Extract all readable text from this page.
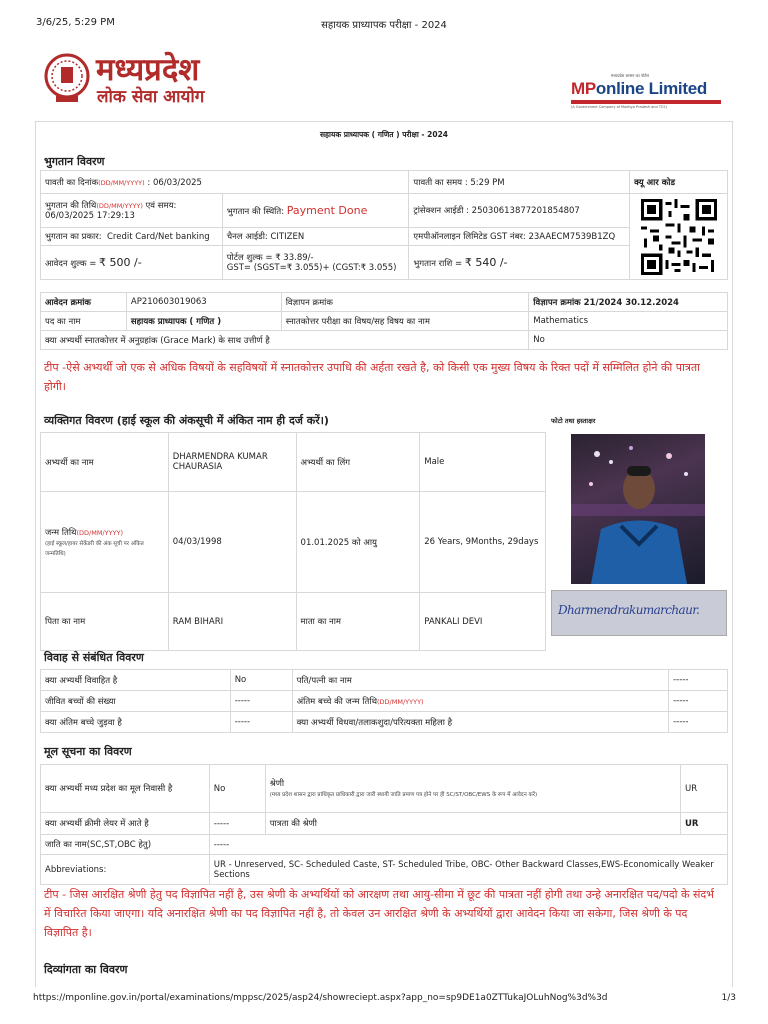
3/6/25, 5:29 PM	सहायक प्राध्यापक परीक्षा - 2024
https://mponline.gov.in/portal/examinations/mppsc/2025/asp24/showreciept.aspx?app_no=sp9DE1a0ZTTukaJOLuhNog%3d%3d	1/3
मध्यप्रदेश
लोक सेवा आयोग
मध्यप्रदेश शासन का पोर्टल
MPonline Limited
(A Government Company of Madhya Pradesh and TCS)
सहायक प्राध्यापक ( गणित ) परीक्षा - 2024
भुगतान विवरण
पावती का दिनांक(DD/MM/YYYY) : 06/03/2025		पावती का समय : 5:29 PM	क्यू आर कोड
भुगतान की तिथि(DD/MM/YYYY) एवं समय:
06/03/2025 17:29:13	भुगतान की स्थिति: Payment Done	ट्रांसेक्शन आईडी : 25030613877201854807	
भुगतान का प्रकार: Credit Card/Net banking	चैनल आईडी: CITIZEN	एमपीऑनलाइन लिमिटेड GST नंबर: 23AAECM7539B1ZQ	
आवेदन शुल्क = ₹ 500 /-	पोर्टल शुल्क = ₹ 33.89/-
GST= (SGST=₹ 3.055)+ (CGST:₹ 3.055)	भुगतान राशि = ₹ 540 /-	
आवेदन क्रमांक	AP210603019063	विज्ञापन क्रमांक	विज्ञापन क्रमांक 21/2024 30.12.2024
पद का नाम	सहायक प्राध्यापक ( गणित )	स्नातकोत्तर परीक्षा का विषय/सह विषय का नाम	Mathematics
क्या अभ्यर्थी स्नातकोत्तर में अनुग्रहांक (Grace Mark) के साथ उत्तीर्ण है			No
टीप -ऐसे अभ्यर्थी जो एक से अधिक विषयों के सहविषयों में स्नातकोत्तर उपाधि की अर्हता रखते है, को किसी एक मुख्य विषय के रिक्त पदों में सम्मिलित होने की पात्रता होगी।
व्यक्तिगत विवरण (हाई स्कूल की अंकसूची में अंकित नाम ही दर्ज करें।)	फोटो तथा हस्ताक्षर
अभ्यर्थी का नाम	DHARMENDRA KUMAR CHAURASIA	अभ्यर्थी का लिंग	Male
जन्म तिथि(DD/MM/YYYY)
(हाई स्कूल/हायर सेकेंडरी की अंक सूची पर अंकित जन्मतिथि)	04/03/1998	01.01.2025 को आयु	26 Years, 9Months, 29days
पिता का नाम	RAM BIHARI	माता का नाम	PANKALI DEVI
Dharmendrakumarchaur.
विवाह से संबंधित विवरण
क्या अभ्यर्थी विवाहित है	No	पति/पत्नी का नाम	-----
जीवित बच्चों की संख्या	-----	अंतिम बच्चे की जन्म तिथि(DD/MM/YYYY)	-----
क्या अंतिम बच्चे जुड़वा है	-----	क्या अभ्यर्थी विधवा/तलाकशुदा/परित्यक्ता महिला है	-----
मूल सूचना का विवरण
क्या अभ्यर्थी मध्य प्रदेश का मूल निवासी है	No	श्रेणी
(मध्य प्रदेश शासन द्वारा प्राधिकृत प्राधिकारी द्वारा जारी स्थायी जाति प्रमाण पत्र होने पर ही SC/ST/OBC/EWS के रूप में आवेदन करें)	UR
क्या अभ्यर्थी क्रीमी लेयर में आते है	-----	पात्रता की श्रेणी	UR
जाति का नाम(SC,ST,OBC हेतु)	-----		
Abbreviations:	UR - Unreserved, SC- Scheduled Caste, ST- Scheduled Tribe, OBC- Other Backward Classes,EWS-Economically Weaker Sections		
टीप - जिस आरक्षित श्रेणी हेतु पद विज्ञापित नहीं है, उस श्रेणी के अभ्यर्थियों को आरक्षण तथा आयु-सीमा में छूट की पात्रता नहीं होगी तथा उन्हे अनारक्षित पद/पदो के संदर्भ में विचारित किया जाएगा। यदि अनारक्षित श्रेणी का पद विज्ञापित नहीं है, तो केवल उन आरक्षित श्रेणी के अभ्यर्थियों द्वारा आवेदन किया जा सकेगा, जिस श्रेणी के पद विज्ञापित है।
दिव्यांगता का विवरण
